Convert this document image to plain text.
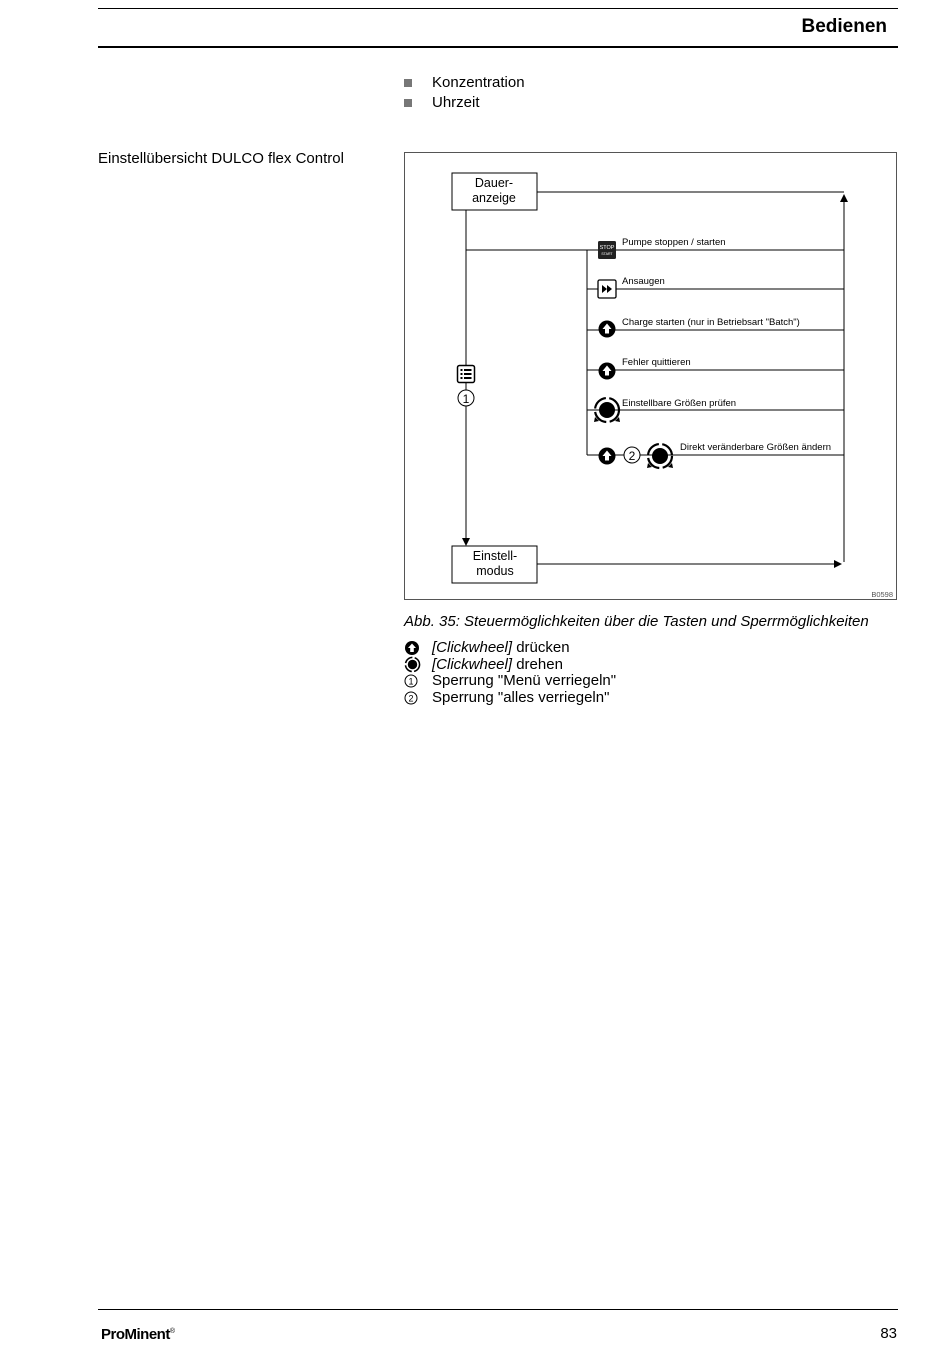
Bedienen
Konzentration
Uhrzeit
Einstellübersicht DULCO flex Control
Dauer-
anzeige
Einstell-
modus
1
STOP
START
2
Pumpe stoppen / starten
Ansaugen
Charge starten (nur in Betriebsart "Batch")
Fehler quittieren
Einstellbare Größen prüfen
Direkt veränderbare Größen ändern
B0598
Abb. 35: Steuermöglichkeiten über die Tasten und Sperrmöglichkeiten
[Clickwheel] drücken
[Clickwheel] drehen
1 Sperrung "Menü verriegeln"
2 Sperrung "alles verriegeln"
ProMinent®	83
